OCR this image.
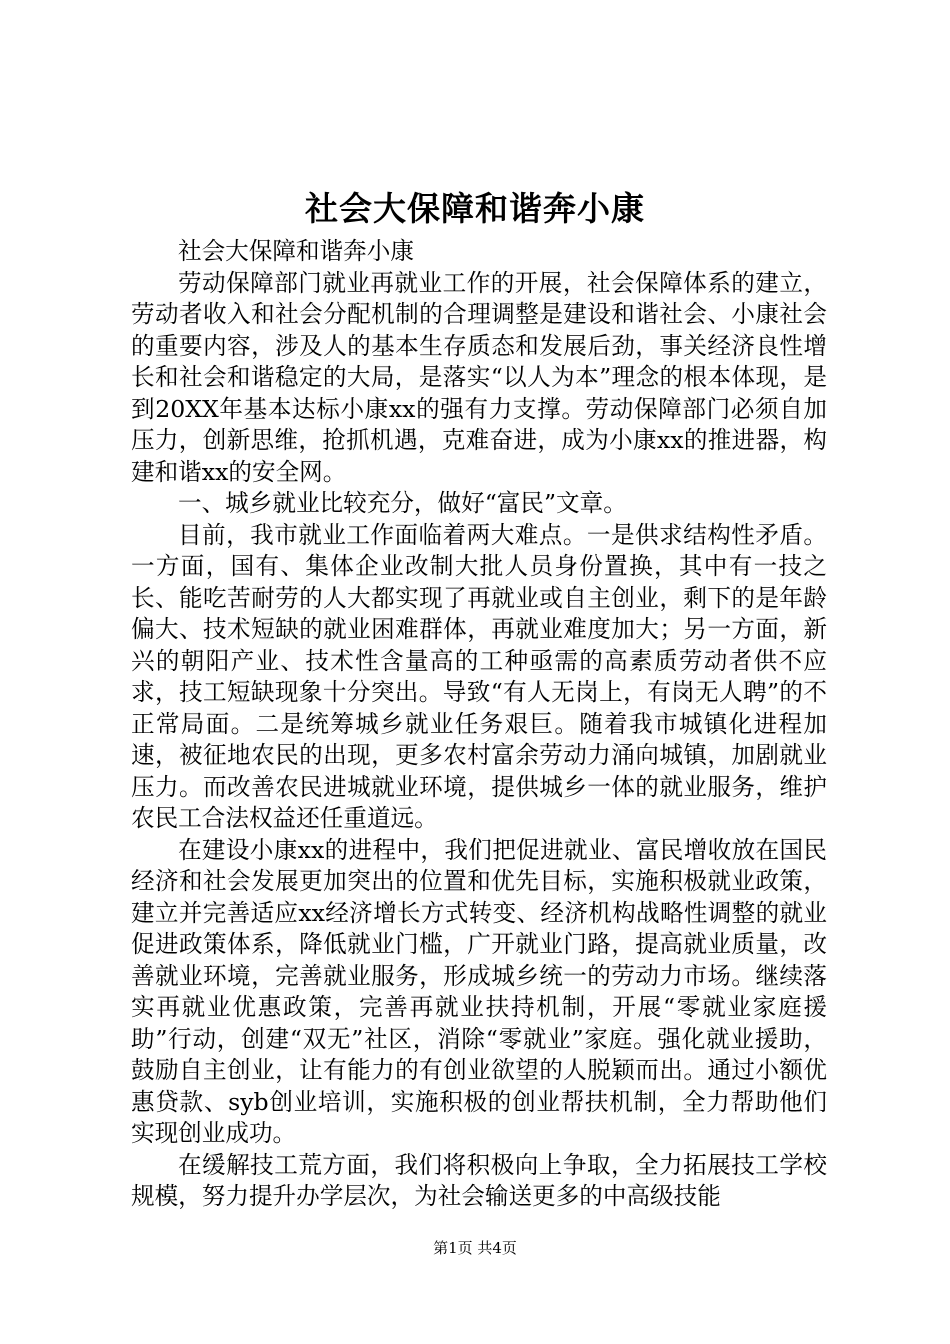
社会大保障和谐奔小康

社会大保障和谐奔小康

劳动保障部门就业再就业工作的开展，社会保障体系的建立，劳动者收入和社会分配机制的合理调整是建设和谐社会、小康社会的重要内容，涉及人的基本生存质态和发展后劲，事关经济良性增长和社会和谐稳定的大局，是落实“以人为本”理念的根本体现，是到20XX年基本达标小康xx的强有力支撑。劳动保障部门必须自加压力，创新思维，抢抓机遇，克难奋进，成为小康xx的推进器，构建和谐xx的安全网。

一、城乡就业比较充分，做好“富民”文章。

目前，我市就业工作面临着两大难点。一是供求结构性矛盾。一方面，国有、集体企业改制大批人员身份置换，其中有一技之长、能吃苦耐劳的人大都实现了再就业或自主创业，剩下的是年龄偏大、技术短缺的就业困难群体，再就业难度加大；另一方面，新兴的朝阳产业、技术性含量高的工种亟需的高素质劳动者供不应求，技工短缺现象十分突出。导致“有人无岗上，有岗无人聘”的不正常局面。二是统筹城乡就业任务艰巨。随着我市城镇化进程加速，被征地农民的出现，更多农村富余劳动力涌向城镇，加剧就业压力。而改善农民进城就业环境，提供城乡一体的就业服务，维护农民工合法权益还任重道远。

在建设小康xx的进程中，我们把促进就业、富民增收放在国民经济和社会发展更加突出的位置和优先目标，实施积极就业政策，建立并完善适应xx经济增长方式转变、经济机构战略性调整的就业促进政策体系，降低就业门槛，广开就业门路，提高就业质量，改善就业环境，完善就业服务，形成城乡统一的劳动力市场。继续落实再就业优惠政策，完善再就业扶持机制，开展“零就业家庭援助”行动，创建“双无”社区，消除“零就业”家庭。强化就业援助，鼓励自主创业，让有能力的有创业欲望的人脱颖而出。通过小额优惠贷款、syb创业培训，实施积极的创业帮扶机制，全力帮助他们实现创业成功。

在缓解技工荒方面，我们将积极向上争取，全力拓展技工学校规模，努力提升办学层次，为社会输送更多的中高级技能

第1页 共4页
